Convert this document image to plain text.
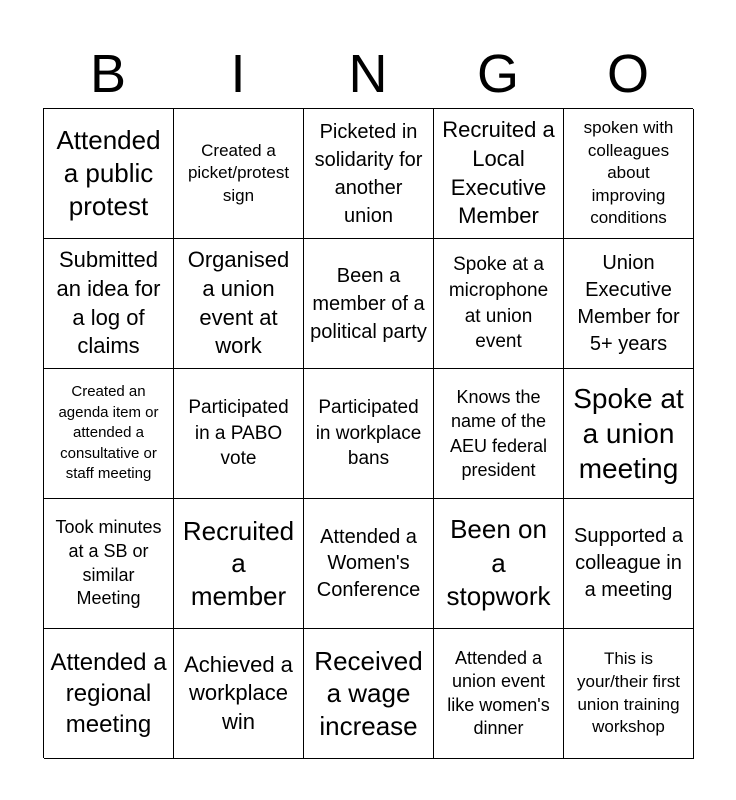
B	I	N	G	O
Attended a public protest
Created a picket/protest sign
Picketed in solidarity for another union
Recruited a Local Executive Member
spoken with colleagues about improving conditions
Submitted an idea for a log of claims
Organised a union event at work
Been a member of a political party
Spoke at a microphone at union event
Union Executive Member for 5+ years
Created an agenda item or attended a consultative or staff meeting
Participated in a PABO vote
Participated in workplace bans
Knows the name of the AEU federal president
Spoke at a union meeting
Took minutes at a SB or similar Meeting
Recruited a member
Attended a Women's Conference
Been on a stopwork
Supported a colleague in a meeting
Attended a regional meeting
Achieved a workplace win
Received a wage increase
Attended a union event like women's dinner
This is your/their first union training workshop
